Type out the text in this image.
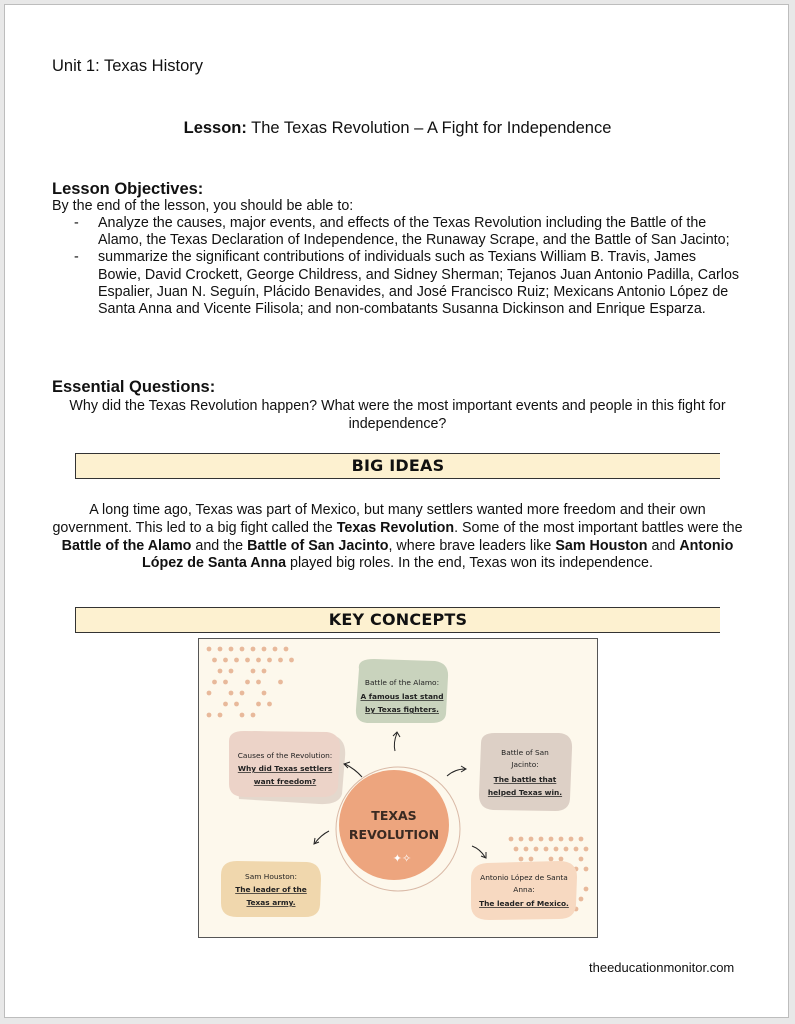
Unit 1: Texas History
Lesson: The Texas Revolution – A Fight for Independence
Lesson Objectives:
By the end of the lesson, you should be able to:
- Analyze the causes, major events, and effects of the Texas Revolution including the Battle of the Alamo, the Texas Declaration of Independence, the Runaway Scrape, and the Battle of San Jacinto;
- summarize the significant contributions of individuals such as Texians William B. Travis, James Bowie, David Crockett, George Childress, and Sidney Sherman; Tejanos Juan Antonio Padilla, Carlos Espalier, Juan N. Seguín, Plácido Benavides, and José Francisco Ruiz; Mexicans Antonio López de Santa Anna and Vicente Filisola; and non-combatants Susanna Dickinson and Enrique Esparza.
Essential Questions:
Why did the Texas Revolution happen? What were the most important events and people in this fight for independence?
BIG IDEAS
A long time ago, Texas was part of Mexico, but many settlers wanted more freedom and their own government. This led to a big fight called the Texas Revolution. Some of the most important battles were the Battle of the Alamo and the Battle of San Jacinto, where brave leaders like Sam Houston and Antonio López de Santa Anna played big roles. In the end, Texas won its independence.
KEY CONCEPTS
TEXAS
REVOLUTION
✦✧
Battle of the Alamo:
A famous last stand
by Texas fighters.
Causes of the Revolution:
Why did Texas settlers
want freedom?
Battle of San
Jacinto:
The battle that
helped Texas win.
Sam Houston:
The leader of the
Texas army.
Antonio López de Santa
Anna:
The leader of Mexico.
theeducationmonitor.com
